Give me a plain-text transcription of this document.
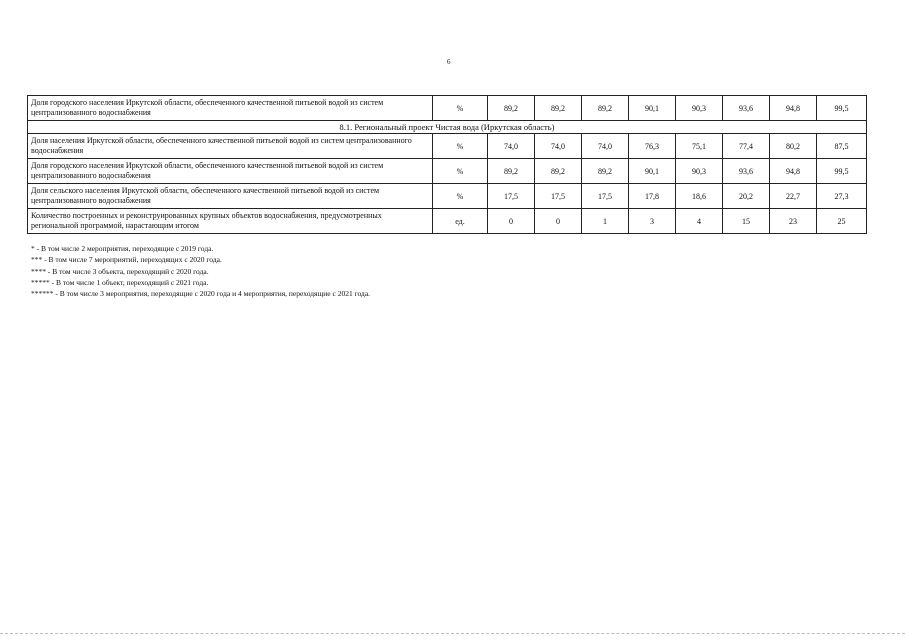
6
Доля городского населения Иркутской области, обеспеченного качественной питьевой водой из систем централизованного водоснабжения	%	89,2	89,2	89,2	90,1	90,3	93,6	94,8	99,5
8.1. Региональный проект Чистая вода (Иркутская область)									
Доля населения Иркутской области, обеспеченного качественной питьевой водой из систем централизованного водоснабжения	%	74,0	74,0	74,0	76,3	75,1	77,4	80,2	87,5
Доля городского населения Иркутской области, обеспеченного качественной питьевой водой из систем централизованного водоснабжения	%	89,2	89,2	89,2	90,1	90,3	93,6	94,8	99,5
Доля сельского населения Иркутской области, обеспеченного качественной питьевой водой из систем централизованного водоснабжения	%	17,5	17,5	17,5	17,8	18,6	20,2	22,7	27,3
Количество построенных и реконструированных крупных объектов водоснабжения, предусмотренных региональной программой, нарастающим итогом	ед.	0	0	1	3	4	15	23	25
* - В том числе 2 мероприятия, переходящие с 2019 года.
*** - В том числе 7 мероприятий, переходящих с 2020 года.
**** - В том числе 3 объекта, переходящий с 2020 года.
***** - В том числе 1 объект, переходящий с 2021 года.
****** - В том числе 3 мероприятия, переходящие с 2020 года и 4 мероприятия, переходящие с 2021 года.
